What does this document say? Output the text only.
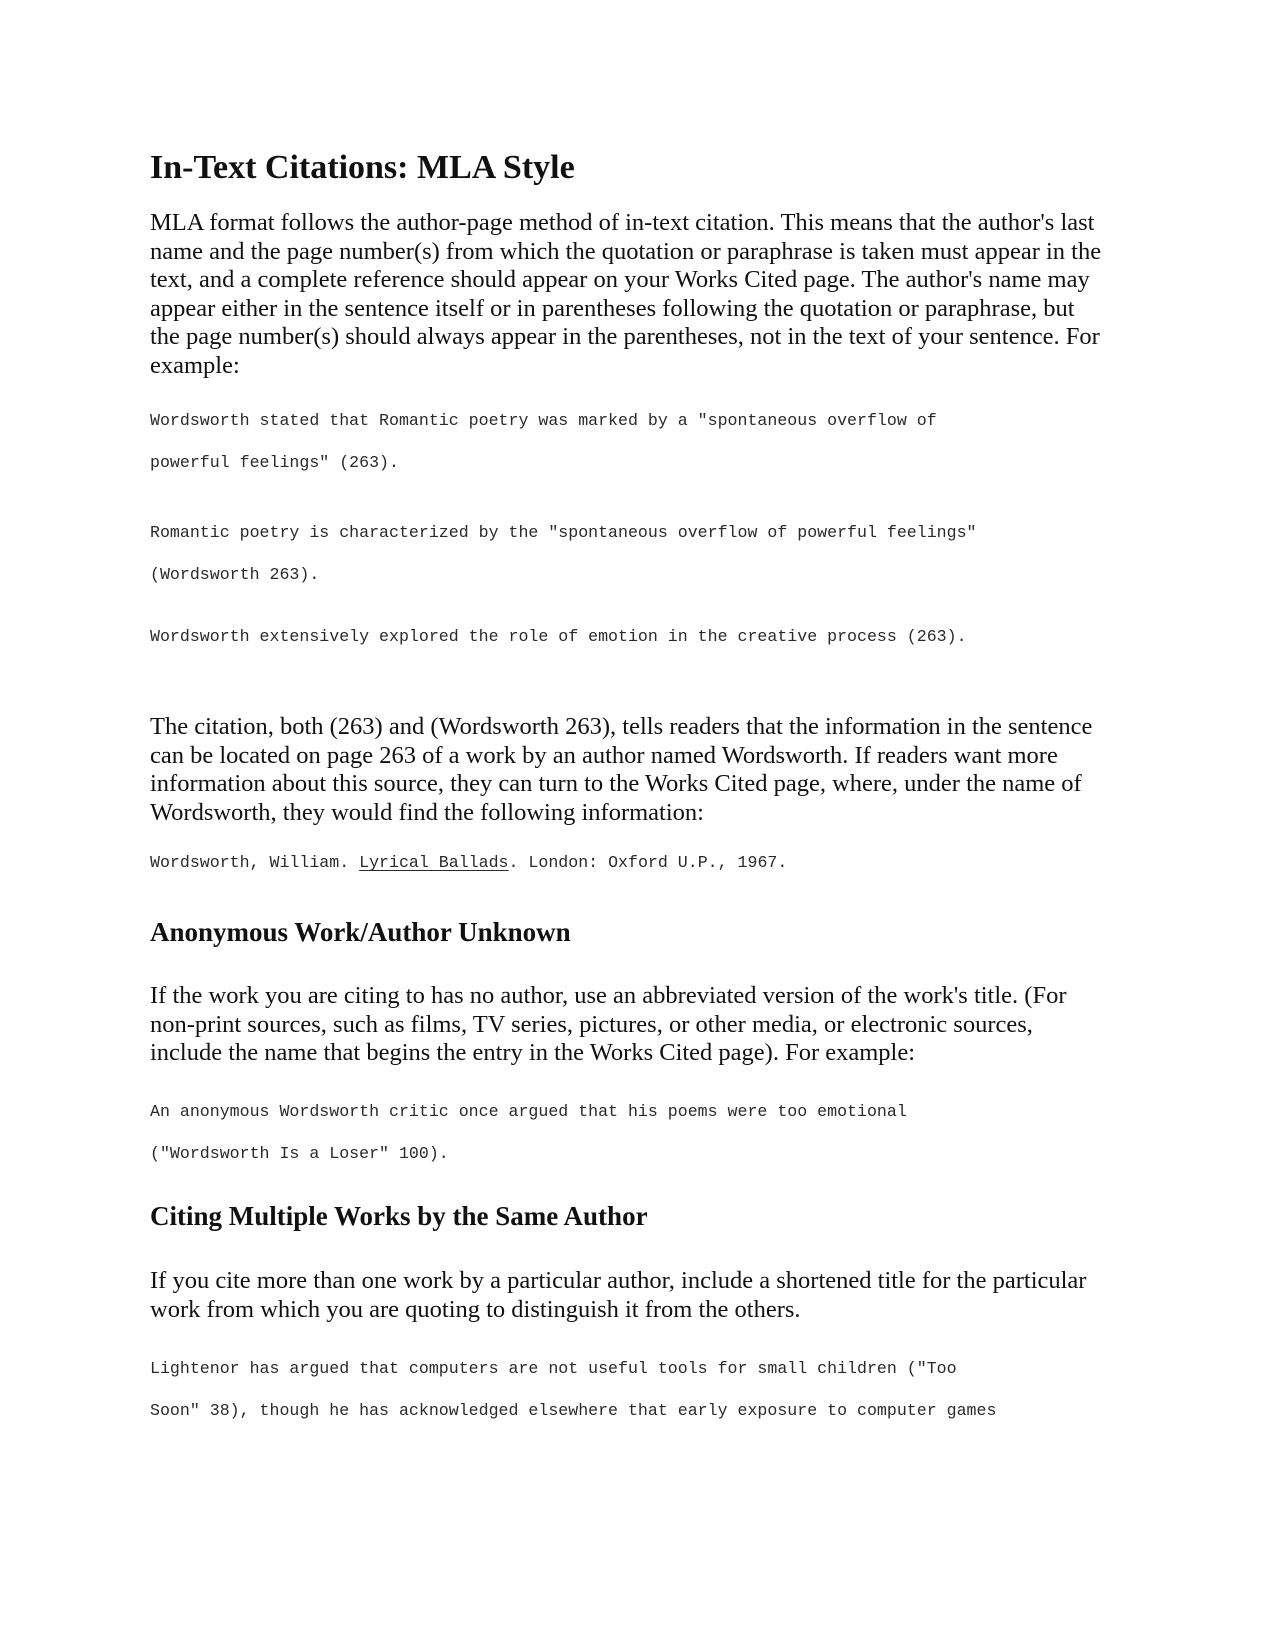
In-Text Citations: MLA Style

MLA format follows the author-page method of in-text citation. This means that the author's last
name and the page number(s) from which the quotation or paraphrase is taken must appear in the
text, and a complete reference should appear on your Works Cited page. The author's name may
appear either in the sentence itself or in parentheses following the quotation or paraphrase, but
the page number(s) should always appear in the parentheses, not in the text of your sentence. For
example:

Wordsworth stated that Romantic poetry was marked by a "spontaneous overflow of
powerful feelings" (263).
Romantic poetry is characterized by the "spontaneous overflow of powerful feelings"
(Wordsworth 263).
Wordsworth extensively explored the role of emotion in the creative process (263).

The citation, both (263) and (Wordsworth 263), tells readers that the information in the sentence
can be located on page 263 of a work by an author named Wordsworth. If readers want more
information about this source, they can turn to the Works Cited page, where, under the name of
Wordsworth, they would find the following information:

Wordsworth, William. Lyrical Ballads. London: Oxford U.P., 1967.
Anonymous Work/Author Unknown

If the work you are citing to has no author, use an abbreviated version of the work's title. (For
non-print sources, such as films, TV series, pictures, or other media, or electronic sources,
include the name that begins the entry in the Works Cited page). For example:

An anonymous Wordsworth critic once argued that his poems were too emotional
("Wordsworth Is a Loser" 100).
Citing Multiple Works by the Same Author

If you cite more than one work by a particular author, include a shortened title for the particular
work from which you are quoting to distinguish it from the others.

Lightenor has argued that computers are not useful tools for small children ("Too
Soon" 38), though he has acknowledged elsewhere that early exposure to computer games
